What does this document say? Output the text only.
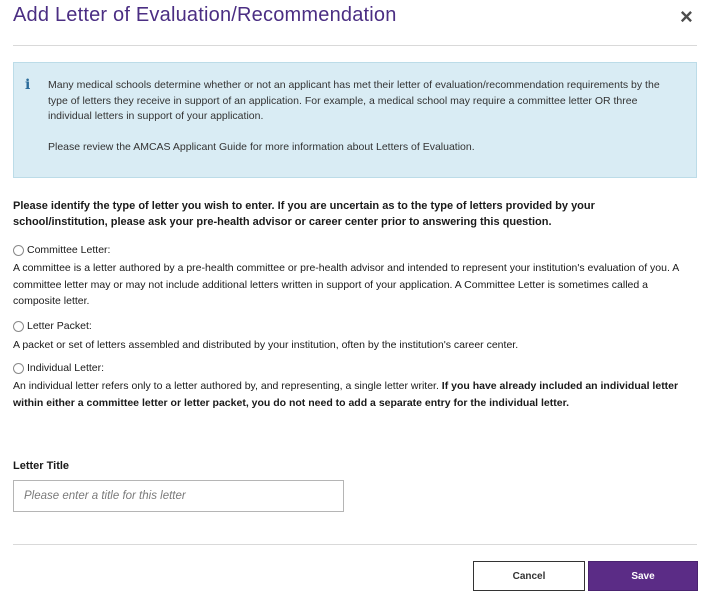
Add Letter of Evaluation/Recommendation	×
i Many medical schools determine whether or not an applicant has met their letter of evaluation/recommendation requirements by the type of letters they receive in support of an application. For example, a medical school may require a committee letter OR three individual letters in support of your application.
Please review the AMCAS Applicant Guide for more information about Letters of Evaluation.
Please identify the type of letter you wish to enter. If you are uncertain as to the type of letters provided by your school/institution, please ask your pre-health advisor or career center prior to answering this question.
Committee Letter:
A committee is a letter authored by a pre-health committee or pre-health advisor and intended to represent your institution's evaluation of you. A committee letter may or may not include additional letters written in support of your application. A Committee Letter is sometimes called a composite letter.
Letter Packet:
A packet or set of letters assembled and distributed by your institution, often by the institution's career center.
Individual Letter:
An individual letter refers only to a letter authored by, and representing, a single letter writer. If you have already included an individual letter within either a committee letter or letter packet, you do not need to add a separate entry for the individual letter.
Letter Title
Please enter a title for this letter
Cancel	Save
